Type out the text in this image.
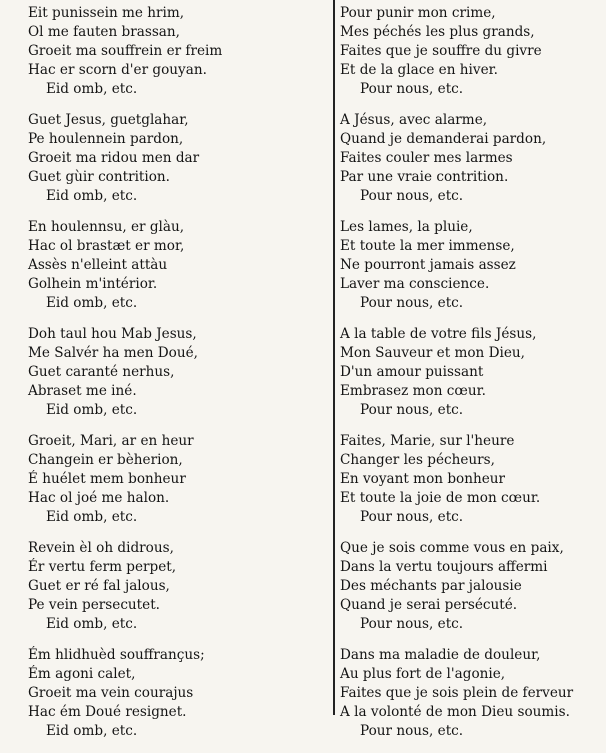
Eit punissein me hrim,
Ol me fauten brassan,
Groeit ma souffrein er freim
Hac er scorn d'er gouyan.
Eid omb, etc.
Guet Jesus, guetglahar,
Pe houlennein pardon,
Groeit ma ridou men dar
Guet gùir contrition.
Eid omb, etc.
En houlennsu, er glàu,
Hac ol brastæt er mor,
Assès n'elleint attàu
Golhein m'intérior.
Eid omb, etc.
Doh taul hou Mab Jesus,
Me Salvér ha men Doué,
Guet caranté nerhus,
Abraset me iné.
Eid omb, etc.
Groeit, Mari, ar en heur
Changein er bèherion,
É huélet mem bonheur
Hac ol joé me halon.
Eid omb, etc.
Revein èl oh didrous,
Ér vertu ferm perpet,
Guet er ré fal jalous,
Pe vein persecutet.
Eid omb, etc.
Ém hlidhuèd souffrançus;
Ém agoni calet,
Groeit ma vein courajus
Hac ém Doué resignet.
Eid omb, etc.
Pour punir mon crime,
Mes péchés les plus grands,
Faites que je souffre du givre
Et de la glace en hiver.
Pour nous, etc.
A Jésus, avec alarme,
Quand je demanderai pardon,
Faites couler mes larmes
Par une vraie contrition.
Pour nous, etc.
Les lames, la pluie,
Et toute la mer immense,
Ne pourront jamais assez
Laver ma conscience.
Pour nous, etc.
A la table de votre fils Jésus,
Mon Sauveur et mon Dieu,
D'un amour puissant
Embrasez mon cœur.
Pour nous, etc.
Faites, Marie, sur l'heure
Changer les pécheurs,
En voyant mon bonheur
Et toute la joie de mon cœur.
Pour nous, etc.
Que je sois comme vous en paix,
Dans la vertu toujours affermi
Des méchants par jalousie
Quand je serai persécuté.
Pour nous, etc.
Dans ma maladie de douleur,
Au plus fort de l'agonie,
Faites que je sois plein de ferveur
A la volonté de mon Dieu soumis.
Pour nous, etc.
